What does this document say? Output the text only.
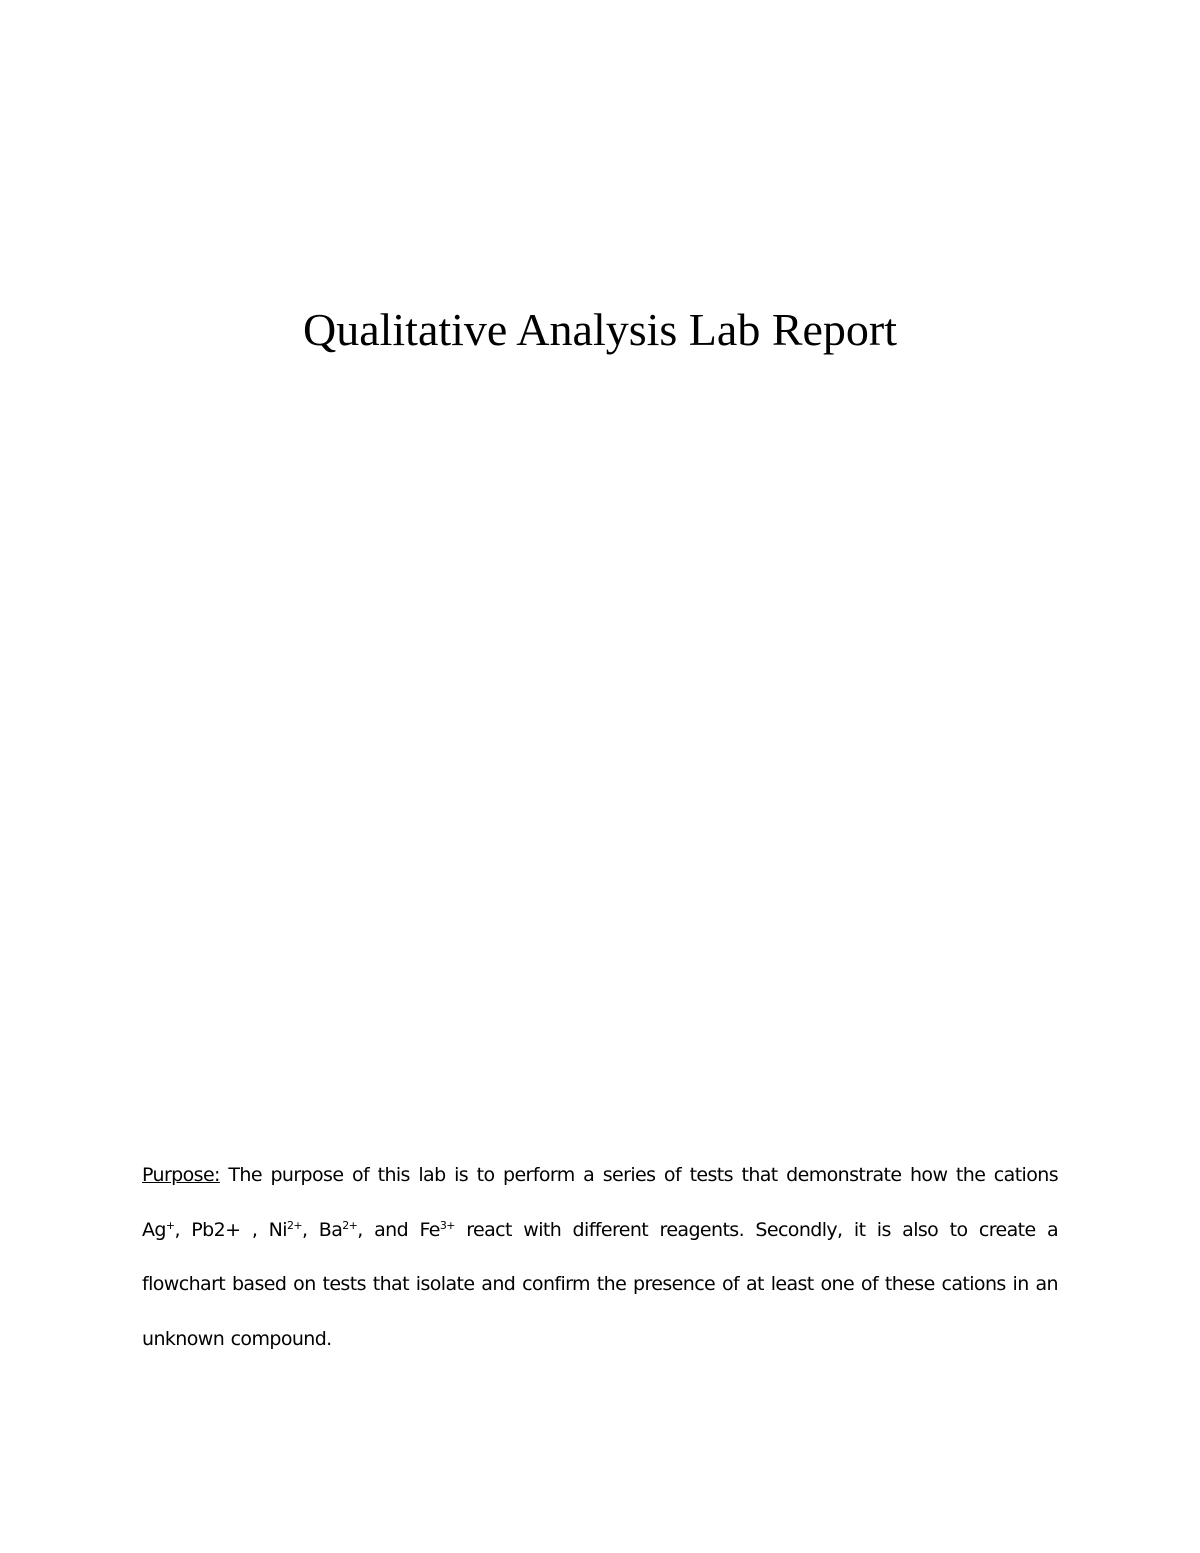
Qualitative Analysis Lab Report

Purpose: The purpose of this lab is to perform a series of tests that demonstrate how the cations Ag+, Pb2+ , $Ni^{2+}$, $Ba^{2+}$, and $Fe^{3+}$ react with different reagents. Secondly, it is also to create a flowchart based on tests that isolate and confirm the presence of at least one of these cations in an unknown compound.
